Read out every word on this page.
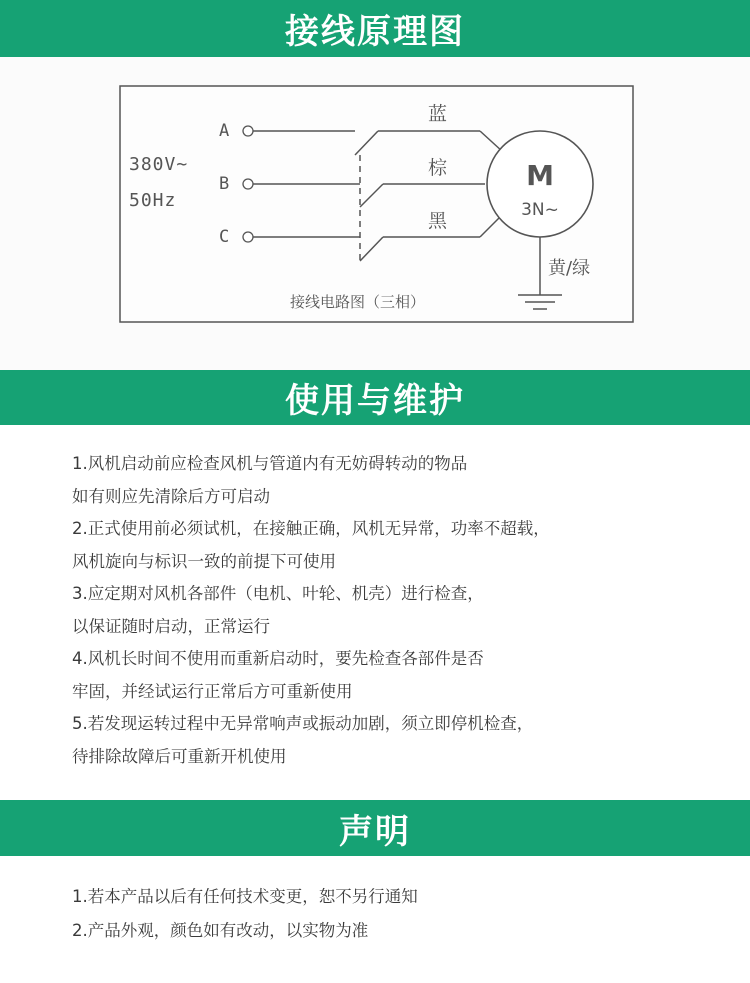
接线原理图
A
B
C
380V~
50Hz
蓝
棕
黑
M
3N~
黄/绿
接线电路图（三相）
使用与维护
1.风机启动前应检查风机与管道内有无妨碍转动的物品
如有则应先清除后方可启动
2.正式使用前必须试机，在接触正确，风机无异常，功率不超载，
风机旋向与标识一致的前提下可使用
3.应定期对风机各部件（电机、叶轮、机壳）进行检查，
以保证随时启动，正常运行
4.风机长时间不使用而重新启动时，要先检查各部件是否
牢固，并经试运行正常后方可重新使用
5.若发现运转过程中无异常响声或振动加剧，须立即停机检查，
待排除故障后可重新开机使用
声明
1.若本产品以后有任何技术变更，恕不另行通知
2.产品外观，颜色如有改动，以实物为准
